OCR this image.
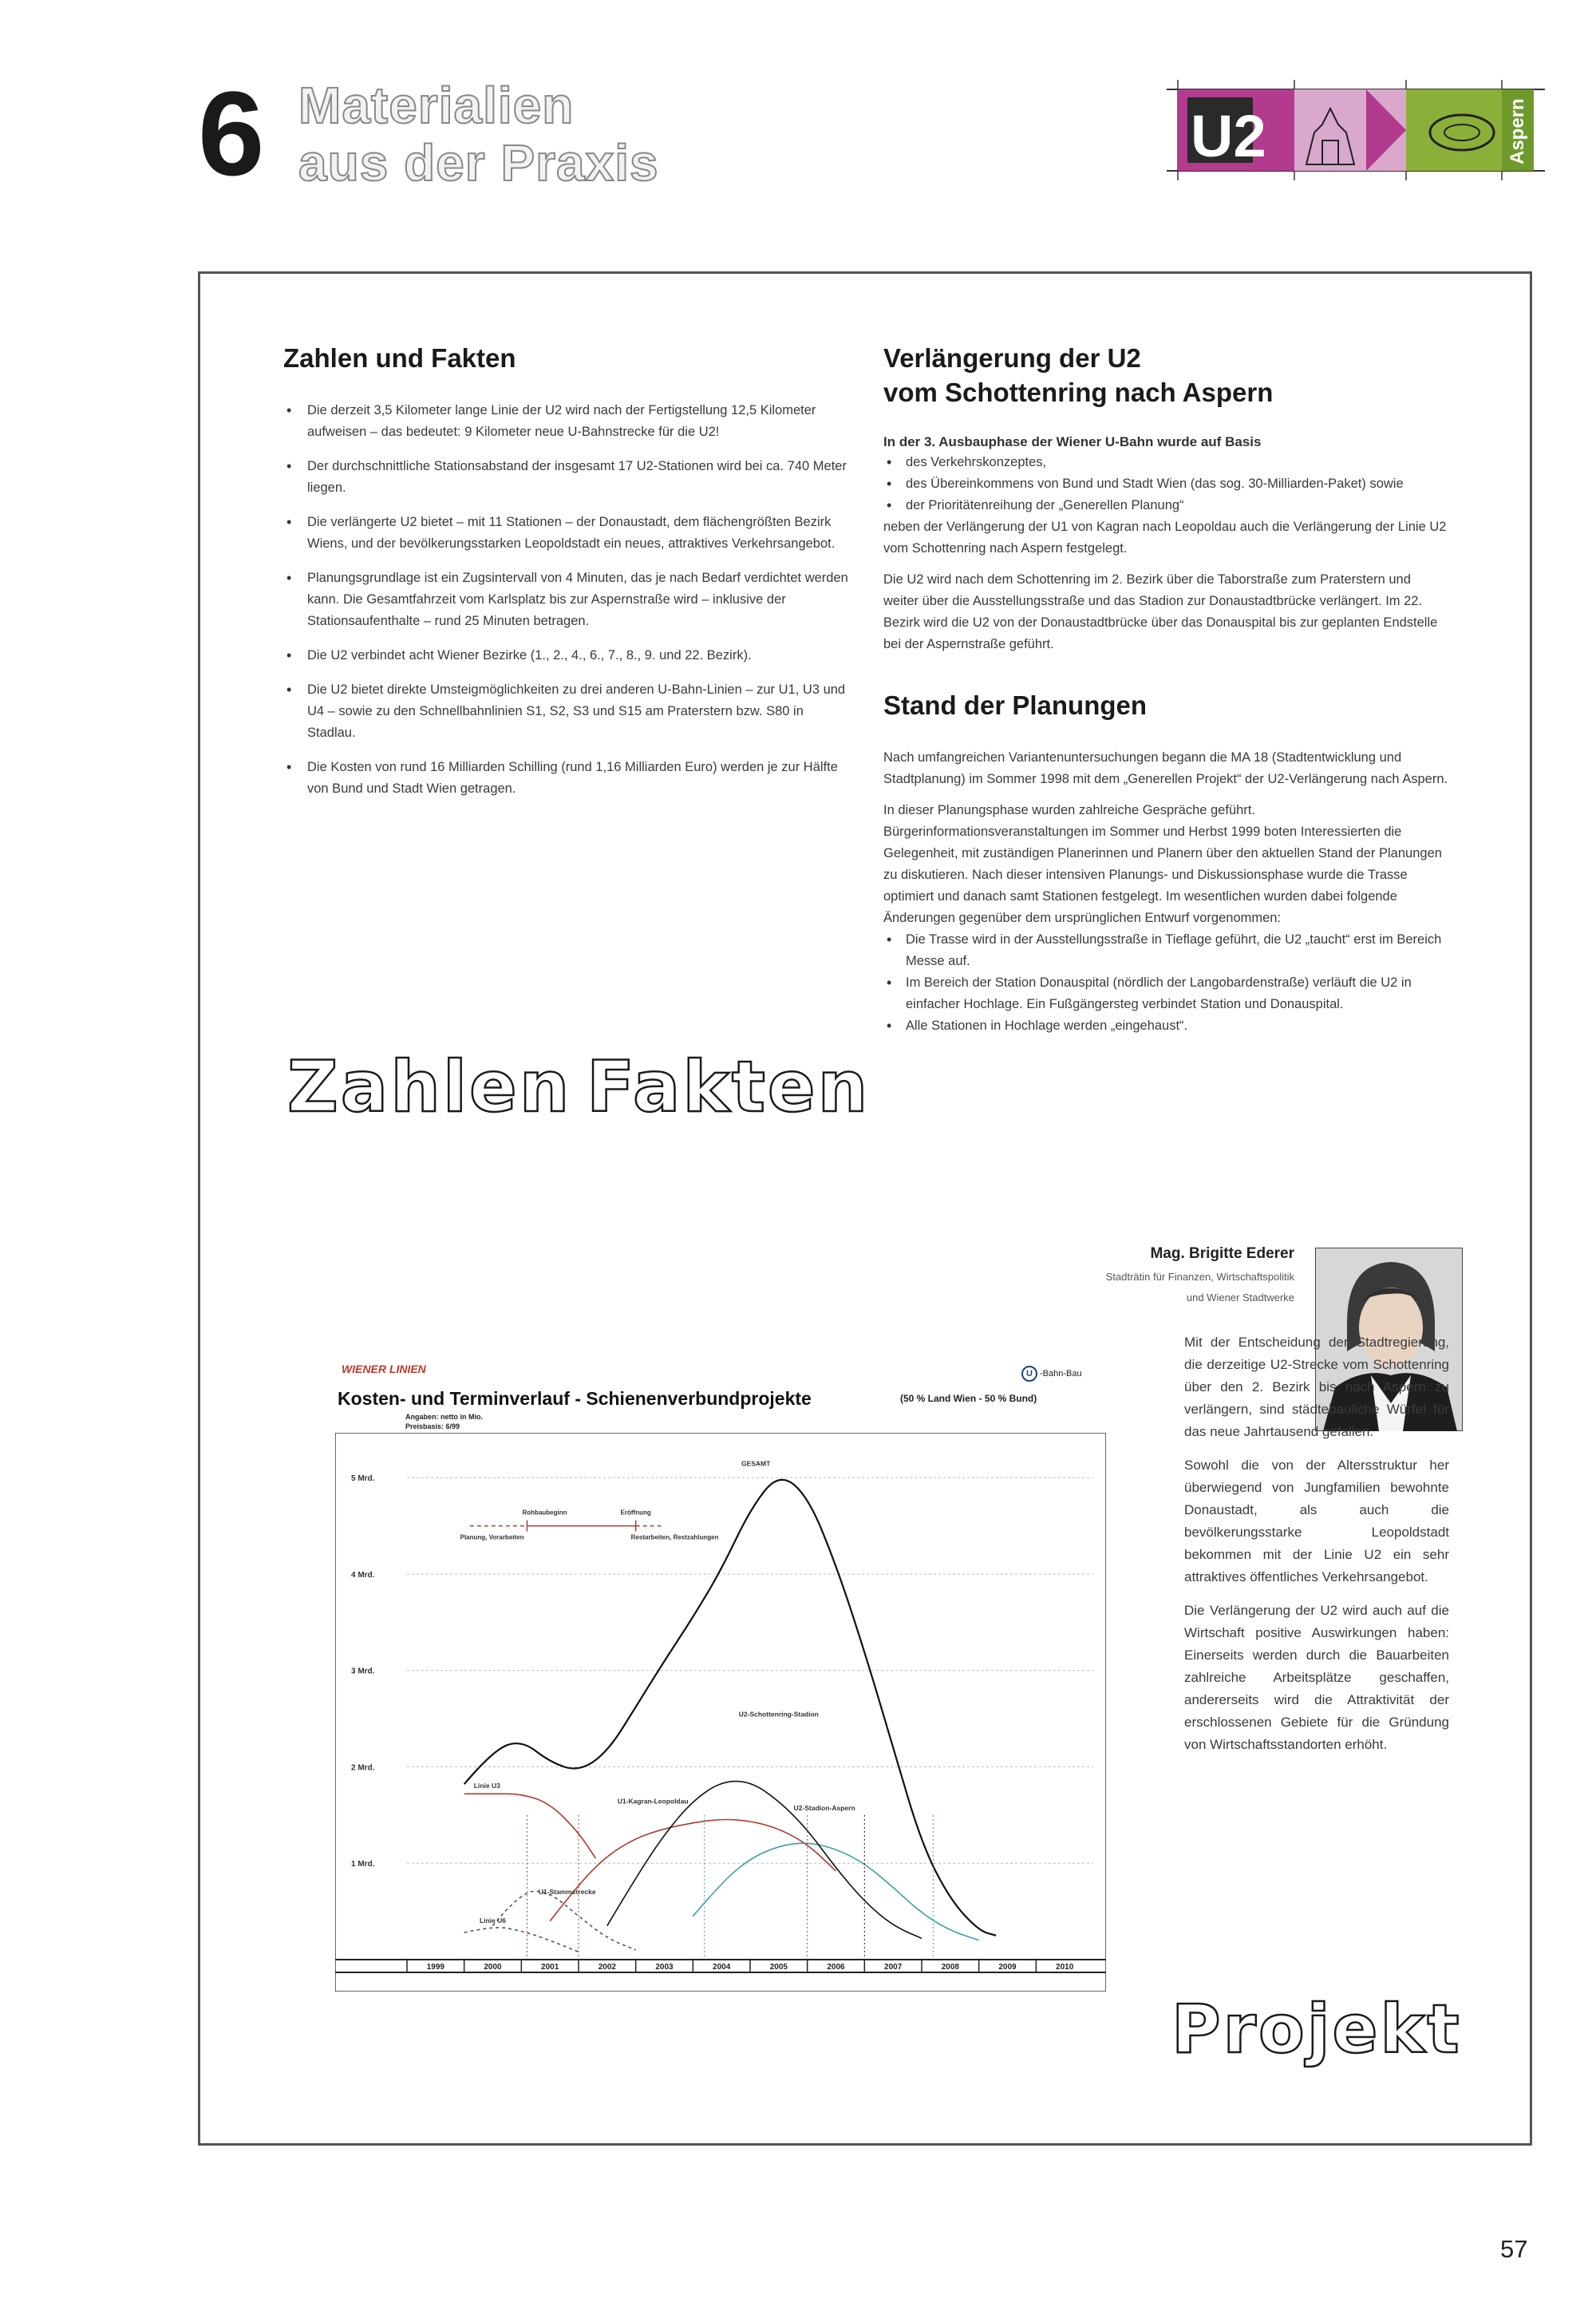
6 Materialien
aus der Praxis	U2	Aspern
Zahlen und Fakten
• Die derzeit 3,5 Kilometer lange Linie der U2 wird nach der Fertigstellung 12,5 Kilometer aufweisen – das bedeutet: 9 Kilometer neue U-Bahnstrecke für die U2!
• Der durchschnittliche Stationsabstand der insgesamt 17 U2-Stationen wird bei ca. 740 Meter liegen.
• Die verlängerte U2 bietet – mit 11 Stationen – der Donaustadt, dem flächengrößten Bezirk Wiens, und der bevölkerungsstarken Leopoldstadt ein neues, attraktives Verkehrsangebot.
• Planungsgrundlage ist ein Zugsintervall von 4 Minuten, das je nach Bedarf verdichtet werden kann. Die Gesamtfahrzeit vom Karlsplatz bis zur Aspernstraße wird – inklusive der Stationsaufenthalte – rund 25 Minuten betragen.
• Die U2 verbindet acht Wiener Bezirke (1., 2., 4., 6., 7., 8., 9. und 22. Bezirk).
• Die U2 bietet direkte Umsteigmöglichkeiten zu drei anderen U-Bahn-Linien – zur U1, U3 und U4 – sowie zu den Schnellbahnlinien S1, S2, S3 und S15 am Praterstern bzw. S80 in Stadlau.
• Die Kosten von rund 16 Milliarden Schilling (rund 1,16 Milliarden Euro) werden je zur Hälfte von Bund und Stadt Wien getragen.
Verlängerung der U2
vom Schottenring nach Aspern

In der 3. Ausbauphase der Wiener U-Bahn wurde auf Basis

• des Verkehrskonzeptes,
• des Übereinkommens von Bund und Stadt Wien (das sog. 30-Milliarden-Paket) sowie
• der Prioritätenreihung der „Generellen Planung“

neben der Verlängerung der U1 von Kagran nach Leopoldau auch die Verlängerung der Linie U2 vom Schottenring nach Aspern festgelegt.

Die U2 wird nach dem Schottenring im 2. Bezirk über die Taborstraße zum Praterstern und weiter über die Ausstellungsstraße und das Stadion zur Donaustadtbrücke verlängert. Im 22. Bezirk wird die U2 von der Donaustadtbrücke über das Donauspital bis zur geplanten Endstelle bei der Aspernstraße geführt.

Stand der Planungen

Nach umfangreichen Variantenuntersuchungen begann die MA 18 (Stadtentwicklung und Stadtplanung) im Sommer 1998 mit dem „Generellen Projekt“ der U2-Verlängerung nach Aspern.

In dieser Planungsphase wurden zahlreiche Gespräche geführt. Bürgerinformationsveranstaltungen im Sommer und Herbst 1999 boten Interessierten die Gelegenheit, mit zuständigen Planerinnen und Planern über den aktuellen Stand der Planungen zu diskutieren. Nach dieser intensiven Planungs- und Diskussionsphase wurde die Trasse optimiert und danach samt Stationen festgelegt. Im wesentlichen wurden dabei folgende Änderungen gegenüber dem ursprünglichen Entwurf vorgenommen:

• Die Trasse wird in der Ausstellungsstraße in Tieflage geführt, die U2 „taucht“ erst im Bereich Messe auf.
• Im Bereich der Station Donauspital (nördlich der Langobardenstraße) verläuft die U2 in einfacher Hochlage. Ein Fußgängersteg verbindet Station und Donauspital.
• Alle Stationen in Hochlage werden „eingehaust“.
Zahlen Fakten
Projekt
Mag. Brigitte Ederer
Stadträtin für Finanzen, Wirtschaftspolitik
und Wiener Stadtwerke

Mit der Entscheidung der Stadtregierung, die derzeitige U2-Strecke vom Schottenring über den 2. Bezirk bis nach Aspern zu verlängern, sind städtebauliche Würfel für das neue Jahrtausend gefallen.

Sowohl die von der Altersstruktur her überwiegend von Jungfamilien bewohnte Donaustadt, als auch die bevölkerungsstarke Leopoldstadt bekommen mit der Linie U2 ein sehr attraktives öffentliches Verkehrsangebot.

Die Verlängerung der U2 wird auch auf die Wirtschaft positive Auswirkungen haben: Einerseits werden durch die Bauarbeiten zahlreiche Arbeitsplätze geschaffen, andererseits wird die Attraktivität der erschlossenen Gebiete für die Gründung von Wirtschaftsstandorten erhöht.

WIENER LINIEN
Kosten- und Terminverlauf - Schienenverbundprojekte
Angaben: netto in Mio.
Preisbasis: 6/99
U -Bahn-Bau
(50 % Land Wien - 50 % Bund)
Rohbaubeginn	Eröffnung
Planung, Vorarbeiten	Restarbeiten, Restzahlungen
GESAMT
Linie U3
U1-Kagran-Leopoldau
U2-Stadion-Aspern
U2-Schottenring-Stadion
U1-Stammstrecke
Linie U6
1 Mrd.
2 Mrd.
3 Mrd.
4 Mrd.
5 Mrd.
1999	2000	2001	2002	2003	2004	2005	2006	2007	2008	2009	2010
57
